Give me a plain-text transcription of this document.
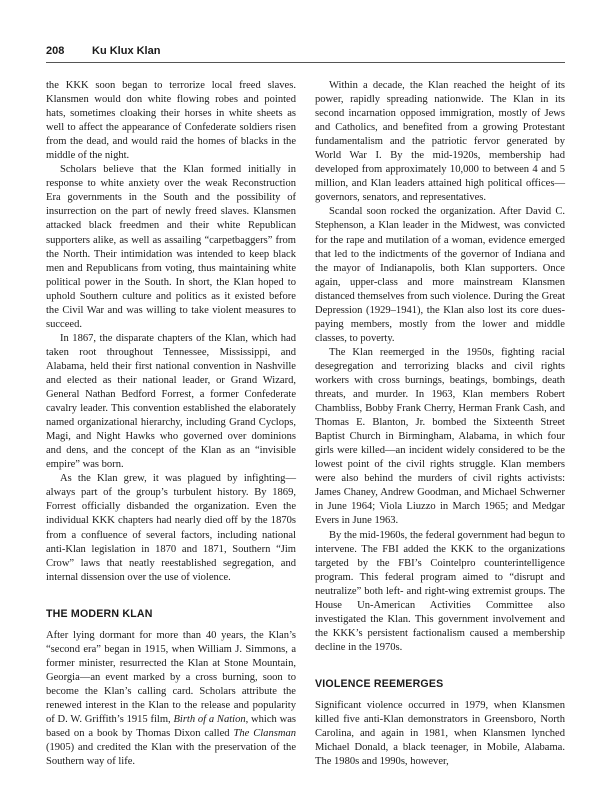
208	Ku Klux Klan

the KKK soon began to terrorize local freed slaves. Klansmen would don white flowing robes and pointed hats, sometimes cloaking their horses in white sheets as well to affect the appearance of Confederate soldiers risen from the dead, and would raid the homes of blacks in the middle of the night.

Scholars believe that the Klan formed initially in response to white anxiety over the weak Reconstruction Era governments in the South and the possibility of insurrection on the part of newly freed slaves. Klansmen attacked black freedmen and their white Republican supporters alike, as well as assailing “carpetbaggers” from the North. Their intimidation was intended to keep black men and Republicans from voting, thus maintaining white political power in the South. In short, the Klan hoped to uphold Southern culture and politics as it existed before the Civil War and was willing to take violent measures to succeed.

In 1867, the disparate chapters of the Klan, which had taken root throughout Tennessee, Mississippi, and Alabama, held their first national convention in Nashville and elected as their national leader, or Grand Wizard, General Nathan Bedford Forrest, a former Confederate cavalry leader. This convention established the elaborately named organizational hierarchy, including Grand Cyclops, Magi, and Night Hawks who governed over dominions and dens, and the concept of the Klan as an “invisible empire” was born.

As the Klan grew, it was plagued by infighting—always part of the group’s turbulent history. By 1869, Forrest officially disbanded the organization. Even the individual KKK chapters had nearly died off by the 1870s from a confluence of several factors, including national anti-Klan legislation in 1870 and 1871, Southern “Jim Crow” laws that neatly reestablished segregation, and internal dissension over the use of violence.

THE MODERN KLAN

After lying dormant for more than 40 years, the Klan’s “second era” began in 1915, when William J. Simmons, a former minister, resurrected the Klan at Stone Mountain, Georgia—an event marked by a cross burning, soon to become the Klan’s calling card. Scholars attribute the renewed interest in the Klan to the release and popularity of D. W. Griffith’s 1915 film, Birth of a Nation, which was based on a book by Thomas Dixon called The Clansman (1905) and credited the Klan with the preservation of the Southern way of life.

Within a decade, the Klan reached the height of its power, rapidly spreading nationwide. The Klan in its second incarnation opposed immigration, mostly of Jews and Catholics, and benefited from a growing Protestant fundamentalism and the patriotic fervor generated by World War I. By the mid-1920s, membership had developed from approximately 10,000 to between 4 and 5 million, and Klan leaders attained high political offices—governors, senators, and representatives.

Scandal soon rocked the organization. After David C. Stephenson, a Klan leader in the Midwest, was convicted for the rape and mutilation of a woman, evidence emerged that led to the indictments of the governor of Indiana and the mayor of Indianapolis, both Klan supporters. Once again, upper-class and more mainstream Klansmen distanced themselves from such violence. During the Great Depression (1929–1941), the Klan also lost its core dues-paying members, mostly from the lower and middle classes, to poverty.

The Klan reemerged in the 1950s, fighting racial desegregation and terrorizing blacks and civil rights workers with cross burnings, beatings, bombings, death threats, and murder. In 1963, Klan members Robert Chambliss, Bobby Frank Cherry, Herman Frank Cash, and Thomas E. Blanton, Jr. bombed the Sixteenth Street Baptist Church in Birmingham, Alabama, in which four girls were killed—an incident widely considered to be the lowest point of the civil rights struggle. Klan members were also behind the murders of civil rights activists: James Chaney, Andrew Goodman, and Michael Schwerner in June 1964; Viola Liuzzo in March 1965; and Medgar Evers in June 1963.

By the mid-1960s, the federal government had begun to intervene. The FBI added the KKK to the organizations targeted by the FBI’s Cointelpro counterintelligence program. This federal program aimed to “disrupt and neutralize” both left- and right-wing extremist groups. The House Un-American Activities Committee also investigated the Klan. This government involvement and the KKK’s persistent factionalism caused a membership decline in the 1970s.

VIOLENCE REEMERGES

Significant violence occurred in 1979, when Klansmen killed five anti-Klan demonstrators in Greensboro, North Carolina, and again in 1981, when Klansmen lynched Michael Donald, a black teenager, in Mobile, Alabama. The 1980s and 1990s, however,
